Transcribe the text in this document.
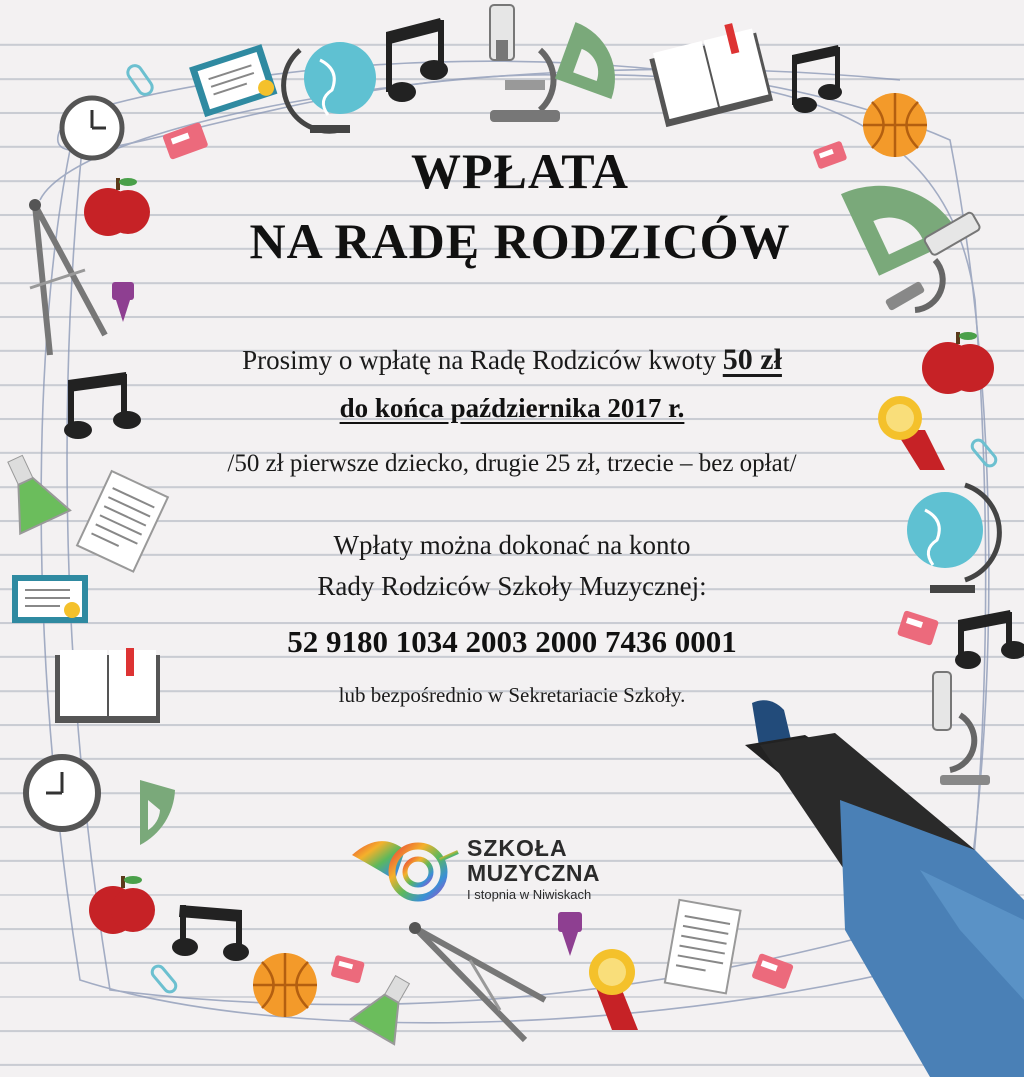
WPŁATA
NA RADĘ RODZICÓW
Prosimy o wpłatę na Radę Rodziców kwoty 50 zł
do końca października 2017 r.
/50 zł pierwsze dziecko, drugie 25 zł, trzecie – bez opłat/
Wpłaty można dokonać na konto
Rady Rodziców Szkoły Muzycznej:
52 9180 1034 2003 2000 7436 0001
lub bezpośrednio w Sekretariacie Szkoły.
SZKOŁA
MUZYCZNA
I stopnia w Niwiskach
